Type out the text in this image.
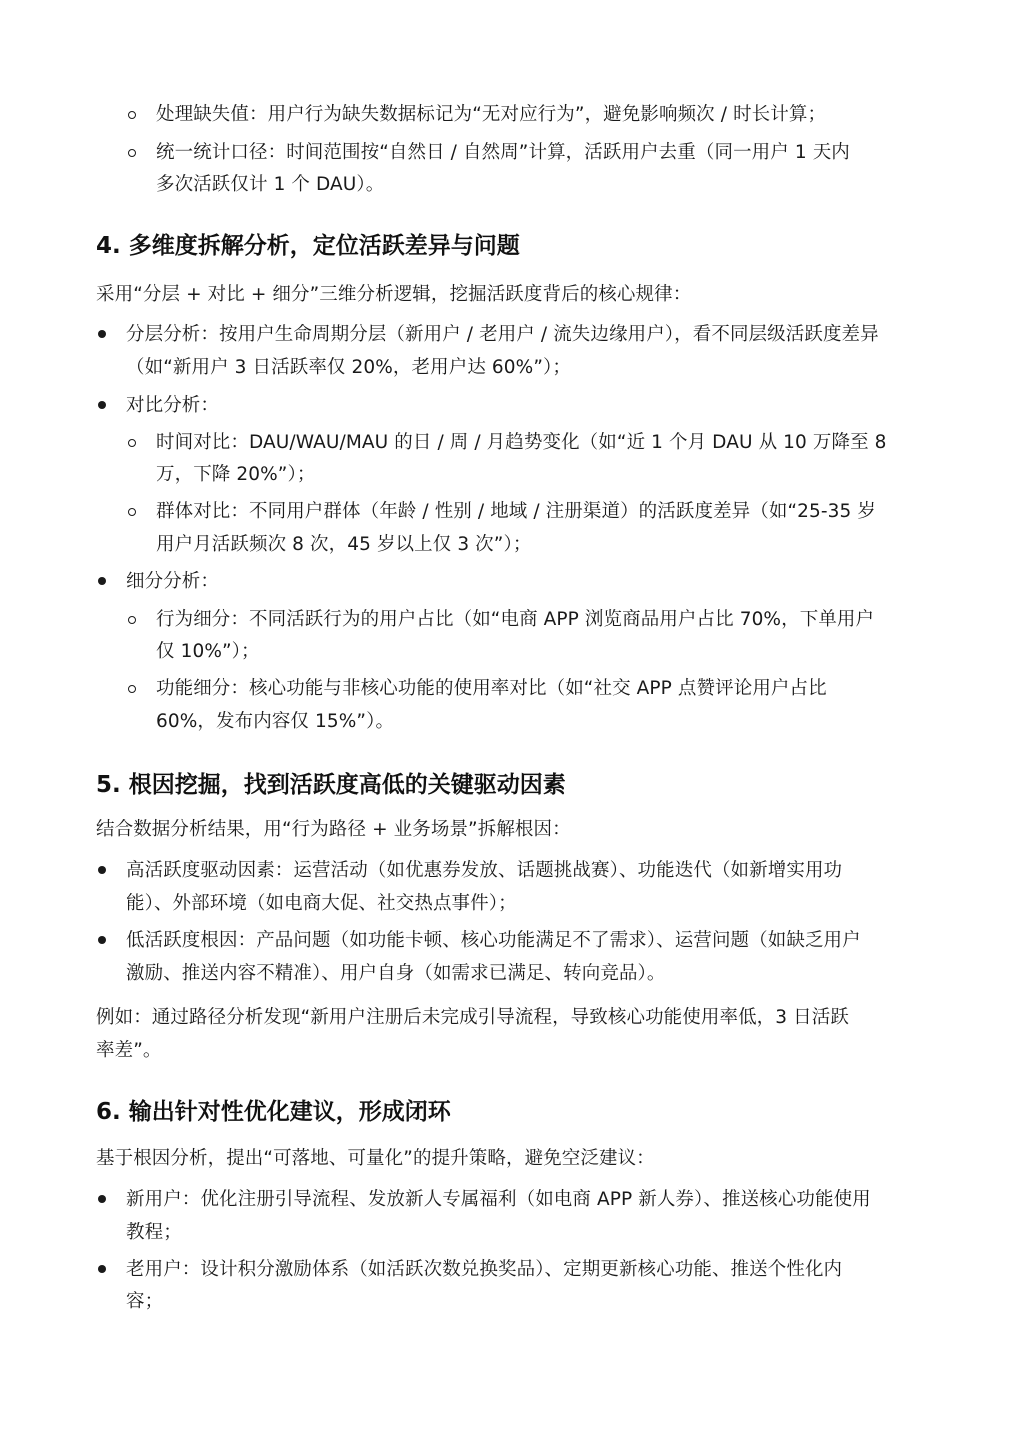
处理缺失值：用户行为缺失数据标记为“无对应行为”，避免影响频次 / 时长计算；
统一统计口径：时间范围按“自然日 / 自然周”计算，活跃用户去重（同一用户 1 天内
多次活跃仅计 1 个 DAU）。
4. 多维度拆解分析，定位活跃差异与问题
采用“分层 + 对比 + 细分”三维分析逻辑，挖掘活跃度背后的核心规律：
分层分析：按用户生命周期分层（新用户 / 老用户 / 流失边缘用户），看不同层级活跃度差异
（如“新用户 3 日活跃率仅 20%，老用户达 60%”）；
对比分析：
时间对比：DAU/WAU/MAU 的日 / 周 / 月趋势变化（如“近 1 个月 DAU 从 10 万降至 8
万，下降 20%”）；
群体对比：不同用户群体（年龄 / 性别 / 地域 / 注册渠道）的活跃度差异（如“25-35 岁
用户月活跃频次 8 次，45 岁以上仅 3 次”）；
细分分析：
行为细分：不同活跃行为的用户占比（如“电商 APP 浏览商品用户占比 70%，下单用户
仅 10%”）；
功能细分：核心功能与非核心功能的使用率对比（如“社交 APP 点赞评论用户占比
60%，发布内容仅 15%”）。
5. 根因挖掘，找到活跃度高低的关键驱动因素
结合数据分析结果，用“行为路径 + 业务场景”拆解根因：
高活跃度驱动因素：运营活动（如优惠券发放、话题挑战赛）、功能迭代（如新增实用功
能）、外部环境（如电商大促、社交热点事件）；
低活跃度根因：产品问题（如功能卡顿、核心功能满足不了需求）、运营问题（如缺乏用户
激励、推送内容不精准）、用户自身（如需求已满足、转向竞品）。
例如：通过路径分析发现“新用户注册后未完成引导流程，导致核心功能使用率低，3 日活跃
率差”。
6. 输出针对性优化建议，形成闭环
基于根因分析，提出“可落地、可量化”的提升策略，避免空泛建议：
新用户：优化注册引导流程、发放新人专属福利（如电商 APP 新人券）、推送核心功能使用
教程；
老用户：设计积分激励体系（如活跃次数兑换奖品）、定期更新核心功能、推送个性化内
容；
